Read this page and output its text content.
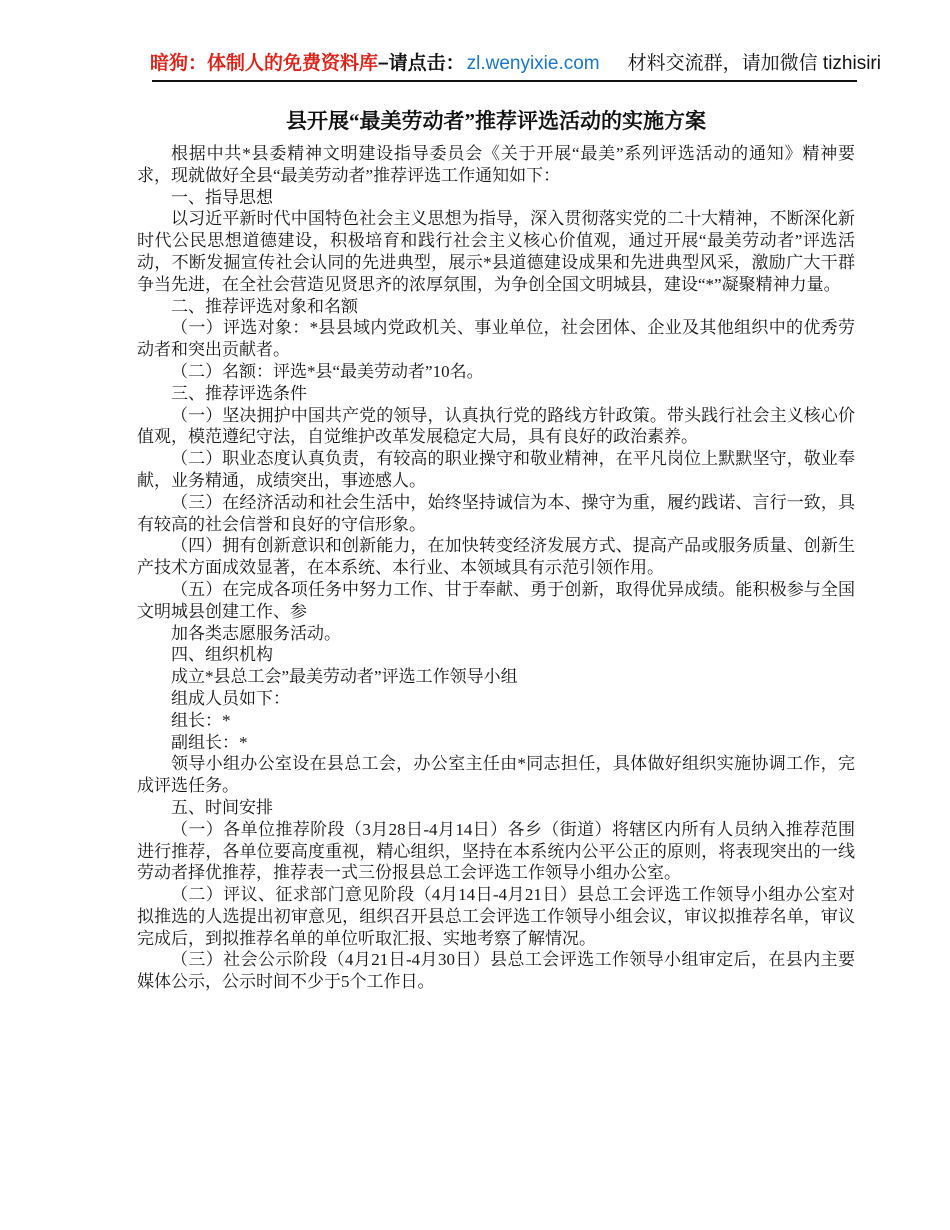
暗狗：体制人的免费资料库–请点击： zl.wenyixie.com 材料交流群，请加微信 tizhisiri
县开展“最美劳动者”推荐评选活动的实施方案

根据中共*县委精神文明建设指导委员会《关于开展“最美”系列评选活动的通知》精神要求，现就做好全县“最美劳动者”推荐评选工作通知如下：

一、指导思想

以习近平新时代中国特色社会主义思想为指导，深入贯彻落实党的二十大精神，不断深化新时代公民思想道德建设，积极培育和践行社会主义核心价值观，通过开展“最美劳动者”评选活动，不断发掘宣传社会认同的先进典型，展示*县道德建设成果和先进典型风采，激励广大干群争当先进，在全社会营造见贤思齐的浓厚氛围，为争创全国文明城县，建设“*”凝聚精神力量。

二、推荐评选对象和名额

（一）评选对象：*县县域内党政机关、事业单位，社会团体、企业及其他组织中的优秀劳动者和突出贡献者。

（二）名额：评选*县“最美劳动者”10名。

三、推荐评选条件

（一）坚决拥护中国共产党的领导，认真执行党的路线方针政策。带头践行社会主义核心价值观，模范遵纪守法，自觉维护改革发展稳定大局，具有良好的政治素养。

（二）职业态度认真负责，有较高的职业操守和敬业精神，在平凡岗位上默默坚守，敬业奉献，业务精通，成绩突出，事迹感人。

（三）在经济活动和社会生活中，始终坚持诚信为本、操守为重，履约践诺、言行一致，具有较高的社会信誉和良好的守信形象。

（四）拥有创新意识和创新能力，在加快转变经济发展方式、提高产品或服务质量、创新生产技术方面成效显著，在本系统、本行业、本领域具有示范引领作用。

（五）在完成各项任务中努力工作、甘于奉献、勇于创新，取得优异成绩。能积极参与全国文明城县创建工作、参

加各类志愿服务活动。

四、组织机构

成立*县总工会”最美劳动者”评选工作领导小组

组成人员如下：

组长：*

副组长：*

领导小组办公室设在县总工会，办公室主任由*同志担任，具体做好组织实施协调工作，完成评选任务。

五、时间安排

（一）各单位推荐阶段（3月28日‐4月14日）各乡（街道）将辖区内所有人员纳入推荐范围进行推荐，各单位要高度重视，精心组织，坚持在本系统内公平公正的原则，将表现突出的一线劳动者择优推荐，推荐表一式三份报县总工会评选工作领导小组办公室。

（二）评议、征求部门意见阶段（4月14日‐4月21日）县总工会评选工作领导小组办公室对拟推选的人选提出初审意见，组织召开县总工会评选工作领导小组会议，审议拟推荐名单，审议完成后，到拟推荐名单的单位听取汇报、实地考察了解情况。

（三）社会公示阶段（4月21日‐4月30日）县总工会评选工作领导小组审定后，在县内主要媒体公示，公示时间不少于5个工作日。
